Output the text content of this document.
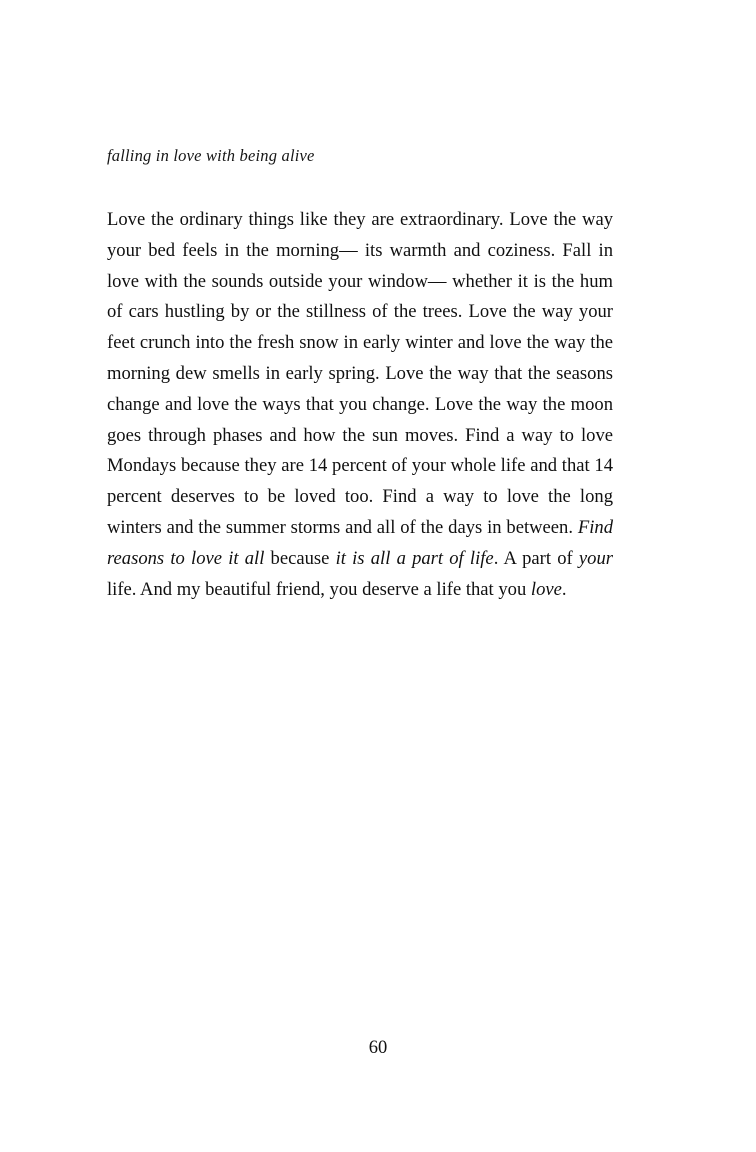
falling in love with being alive

Love the ordinary things like they are extraordinary. Love the way your bed feels in the morning— its warmth and coziness. Fall in love with the sounds outside your window— whether it is the hum of cars hustling by or the stillness of the trees. Love the way your feet crunch into the fresh snow in early winter and love the way the morning dew smells in early spring. Love the way that the seasons change and love the ways that you change. Love the way the moon goes through phases and how the sun moves. Find a way to love Mondays because they are 14 percent of your whole life and that 14 percent deserves to be loved too. Find a way to love the long winters and the summer storms and all of the days in between. Find reasons to love it all because it is all a part of life. A part of your life. And my beautiful friend, you deserve a life that you love.

60
